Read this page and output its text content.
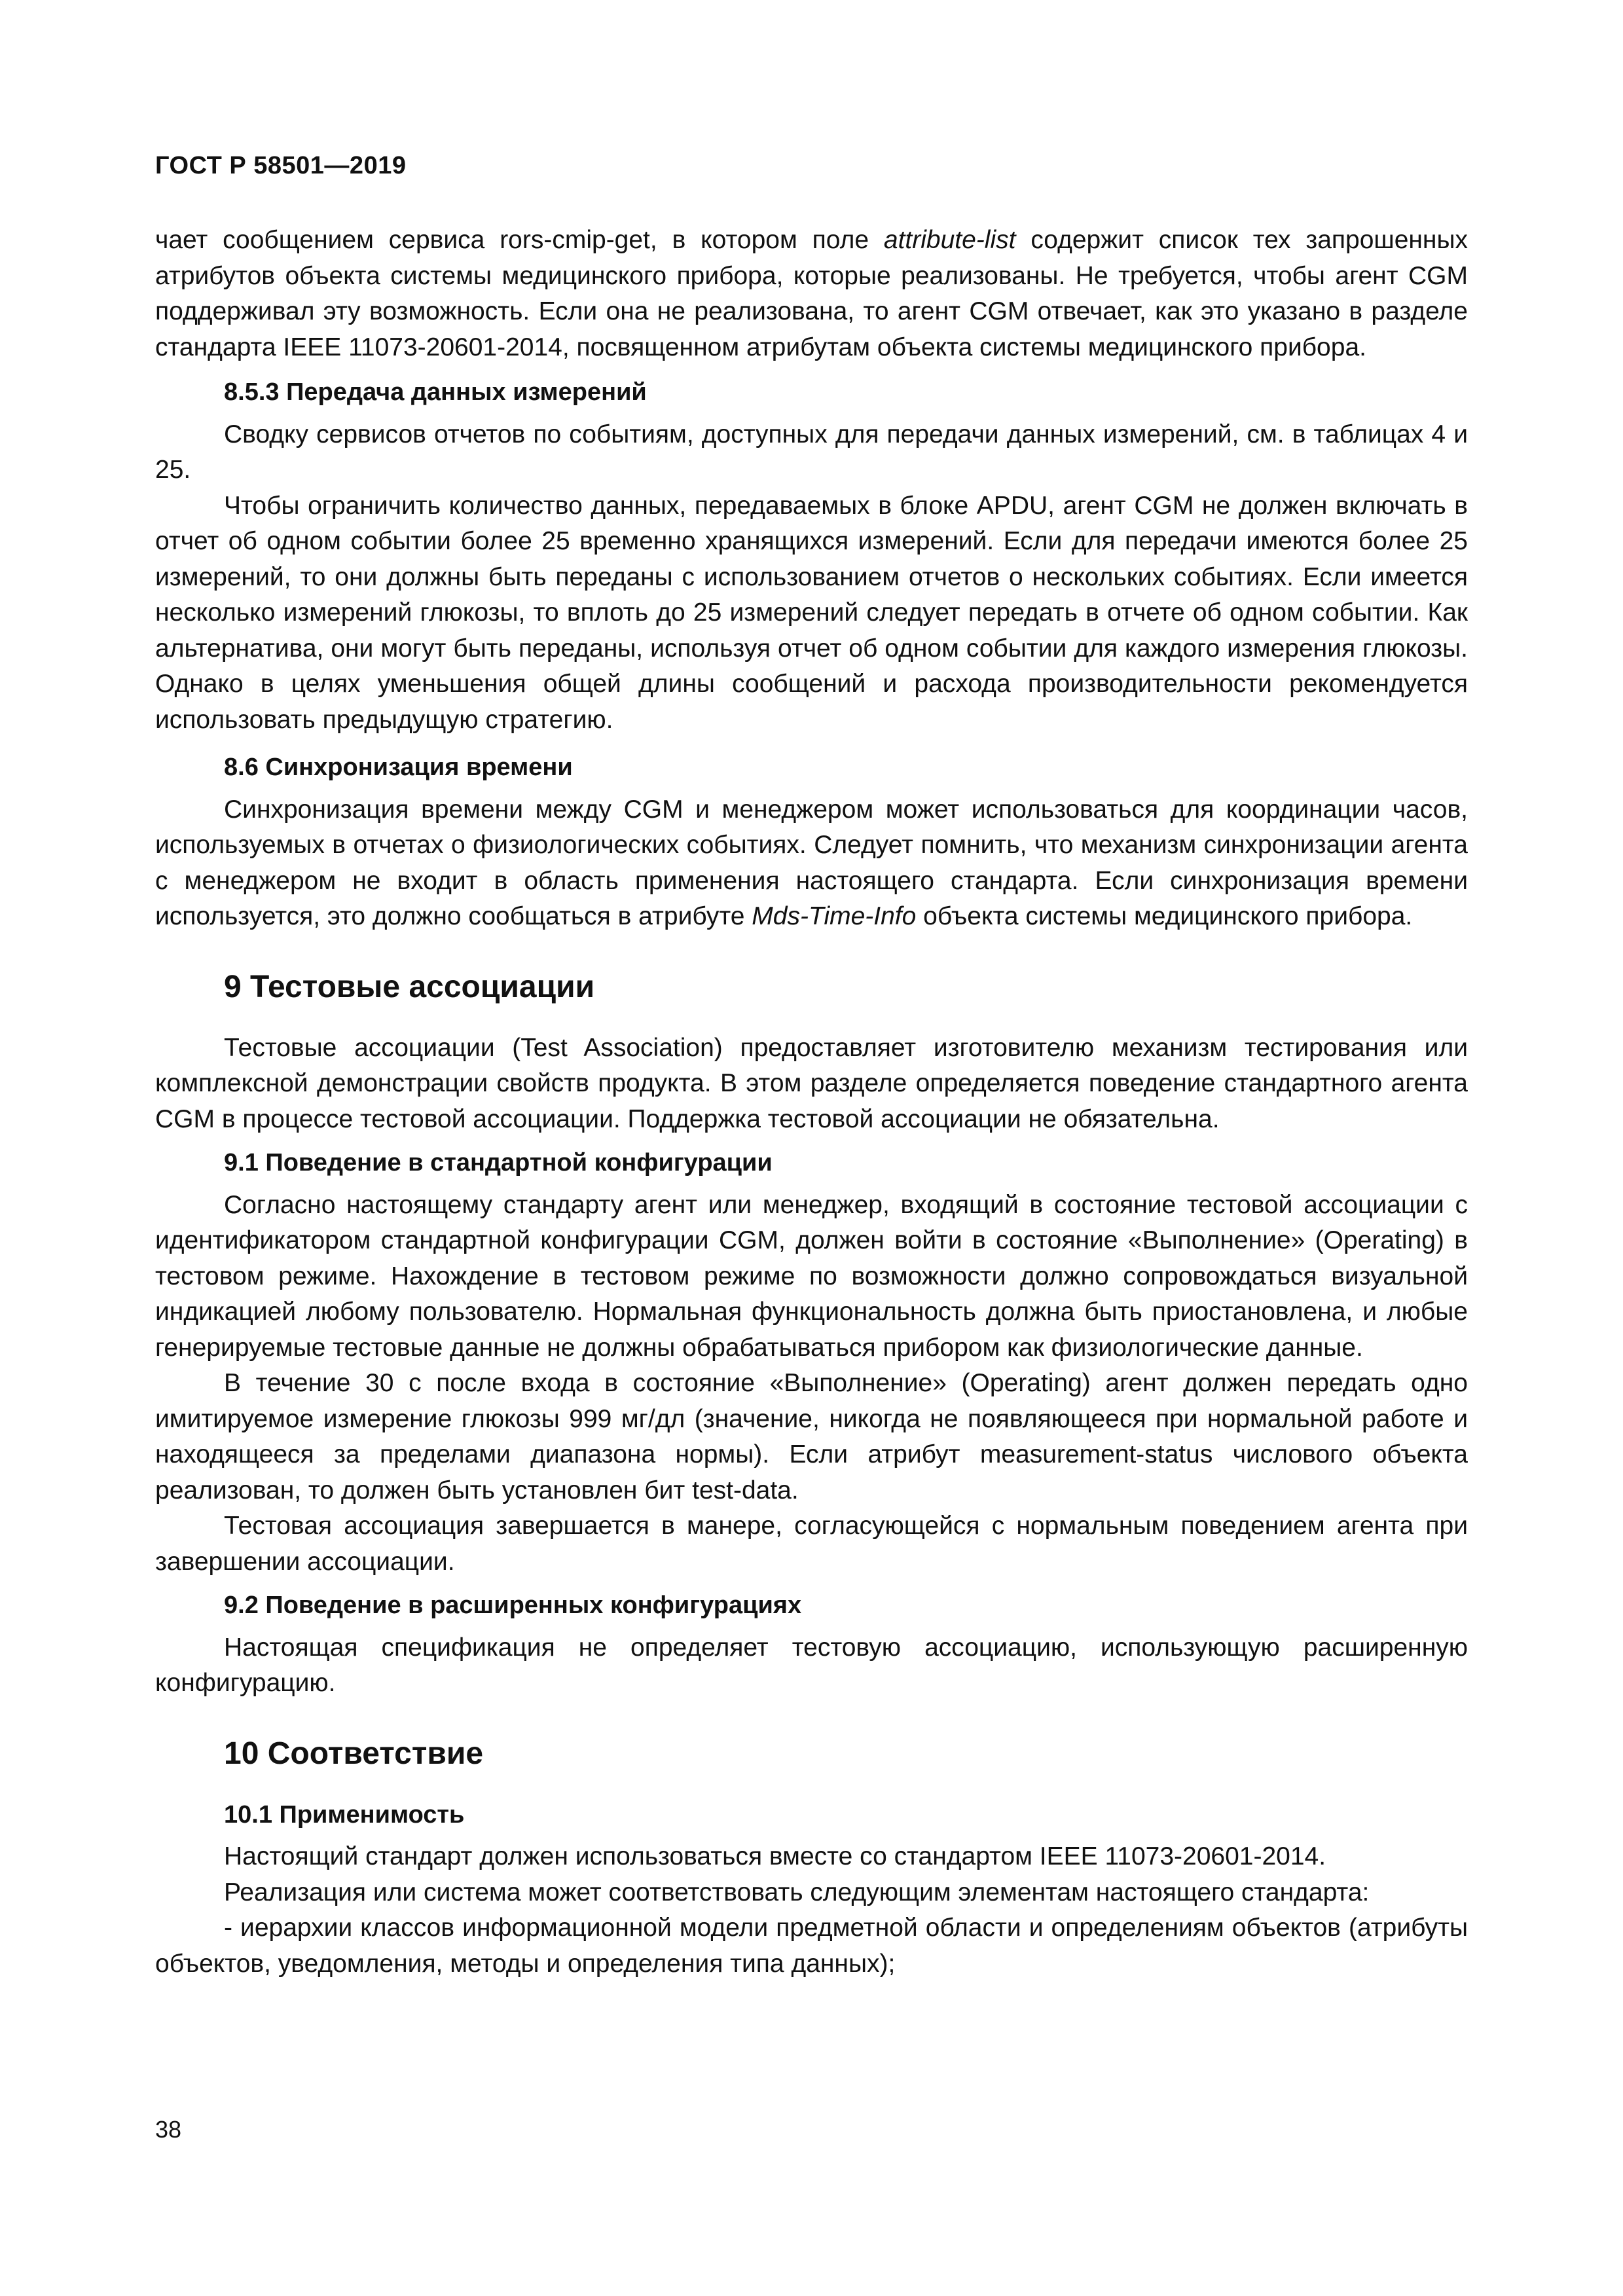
ГОСТ Р 58501—2019

чает сообщением сервиса rors-cmip-get, в котором поле attribute-list содержит список тех запрошенных атрибутов объекта системы медицинского прибора, которые реализованы. Не требуется, чтобы агент CGM поддерживал эту возможность. Если она не реализована, то агент CGM отвечает, как это указано в разделе стандарта IEEE 11073-20601-2014, посвященном атрибутам объекта системы медицинского прибора.

8.5.3 Передача данных измерений

Сводку сервисов отчетов по событиям, доступных для передачи данных измерений, см. в таблицах 4 и 25.

Чтобы ограничить количество данных, передаваемых в блоке APDU, агент CGM не должен включать в отчет об одном событии более 25 временно хранящихся измерений. Если для передачи имеются более 25 измерений, то они должны быть переданы с использованием отчетов о нескольких событиях. Если имеется несколько измерений глюкозы, то вплоть до 25 измерений следует передать в отчете об одном событии. Как альтернатива, они могут быть переданы, используя отчет об одном событии для каждого измерения глюкозы. Однако в целях уменьшения общей длины сообщений и расхода производительности рекомендуется использовать предыдущую стратегию.

8.6 Синхронизация времени

Синхронизация времени между CGM и менеджером может использоваться для координации часов, используемых в отчетах о физиологических событиях. Следует помнить, что механизм синхронизации агента с менеджером не входит в область применения настоящего стандарта. Если синхронизация времени используется, это должно сообщаться в атрибуте Mds-Time-Info объекта системы медицинского прибора.

9 Тестовые ассоциации

Тестовые ассоциации (Test Association) предоставляет изготовителю механизм тестирования или комплексной демонстрации свойств продукта. В этом разделе определяется поведение стандартного агента CGM в процессе тестовой ассоциации. Поддержка тестовой ассоциации не обязательна.

9.1 Поведение в стандартной конфигурации

Согласно настоящему стандарту агент или менеджер, входящий в состояние тестовой ассоциации с идентификатором стандартной конфигурации CGM, должен войти в состояние «Выполнение» (Operating) в тестовом режиме. Нахождение в тестовом режиме по возможности должно сопровождаться визуальной индикацией любому пользователю. Нормальная функциональность должна быть приостановлена, и любые генерируемые тестовые данные не должны обрабатываться прибором как физиологические данные.

В течение 30 с после входа в состояние «Выполнение» (Operating) агент должен передать одно имитируемое измерение глюкозы 999 мг/дл (значение, никогда не появляющееся при нормальной работе и находящееся за пределами диапазона нормы). Если атрибут measurement-status числового объекта реализован, то должен быть установлен бит test-data.

Тестовая ассоциация завершается в манере, согласующейся с нормальным поведением агента при завершении ассоциации.

9.2 Поведение в расширенных конфигурациях

Настоящая спецификация не определяет тестовую ассоциацию, использующую расширенную конфигурацию.

10 Соответствие
10.1 Применимость

Настоящий стандарт должен использоваться вместе со стандартом IEEE 11073-20601-2014.

Реализация или система может соответствовать следующим элементам настоящего стандарта:

- иерархии классов информационной модели предметной области и определениям объектов (атрибуты объектов, уведомления, методы и определения типа данных);

38
